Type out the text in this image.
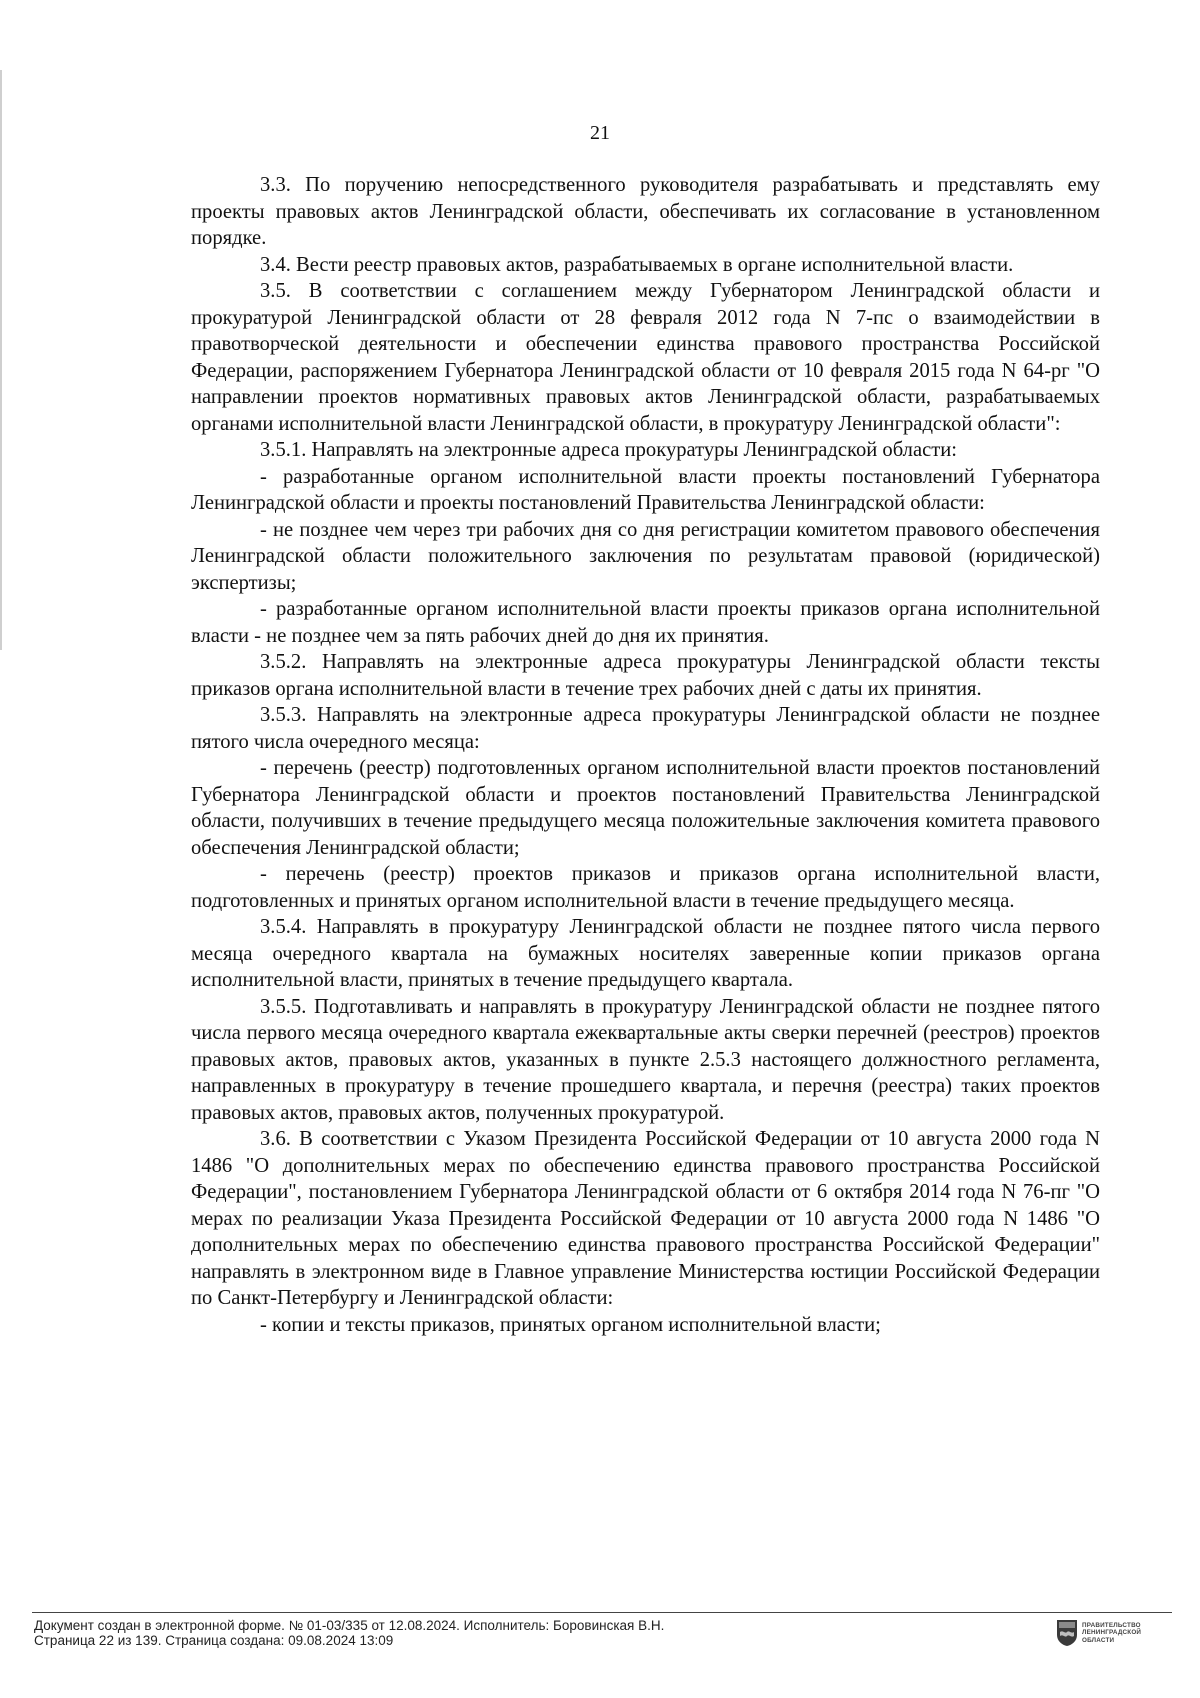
21

3.3. По поручению непосредственного руководителя разрабатывать и представлять ему проекты правовых актов Ленинградской области, обеспечивать их согласование в установленном порядке.

3.4. Вести реестр правовых актов, разрабатываемых в органе исполнительной власти.

3.5. В соответствии с соглашением между Губернатором Ленинградской области и прокуратурой Ленинградской области от 28 февраля 2012 года N 7-пс о взаимодействии в правотворческой деятельности и обеспечении единства правового пространства Российской Федерации, распоряжением Губернатора Ленинградской области от 10 февраля 2015 года N 64-рг "О направлении проектов нормативных правовых актов Ленинградской области, разрабатываемых органами исполнительной власти Ленинградской области, в прокуратуру Ленинградской области":

3.5.1. Направлять на электронные адреса прокуратуры Ленинградской области:

- разработанные органом исполнительной власти проекты постановлений Губернатора Ленинградской области и проекты постановлений Правительства Ленинградской области:

- не позднее чем через три рабочих дня со дня регистрации комитетом правового обеспечения Ленинградской области положительного заключения по результатам правовой (юридической) экспертизы;

- разработанные органом исполнительной власти проекты приказов органа исполнительной власти - не позднее чем за пять рабочих дней до дня их принятия.

3.5.2. Направлять на электронные адреса прокуратуры Ленинградской области тексты приказов органа исполнительной власти в течение трех рабочих дней с даты их принятия.

3.5.3. Направлять на электронные адреса прокуратуры Ленинградской области не позднее пятого числа очередного месяца:

- перечень (реестр) подготовленных органом исполнительной власти проектов постановлений Губернатора Ленинградской области и проектов постановлений Правительства Ленинградской области, получивших в течение предыдущего месяца положительные заключения комитета правового обеспечения Ленинградской области;

- перечень (реестр) проектов приказов и приказов органа исполнительной власти, подготовленных и принятых органом исполнительной власти в течение предыдущего месяца.

3.5.4. Направлять в прокуратуру Ленинградской области не позднее пятого числа первого месяца очередного квартала на бумажных носителях заверенные копии приказов органа исполнительной власти, принятых в течение предыдущего квартала.

3.5.5. Подготавливать и направлять в прокуратуру Ленинградской области не позднее пятого числа первого месяца очередного квартала ежеквартальные акты сверки перечней (реестров) проектов правовых актов, правовых актов, указанных в пункте 2.5.3 настоящего должностного регламента, направленных в прокуратуру в течение прошедшего квартала, и перечня (реестра) таких проектов правовых актов, правовых актов, полученных прокуратурой.

3.6. В соответствии с Указом Президента Российской Федерации от 10 августа 2000 года N 1486 "О дополнительных мерах по обеспечению единства правового пространства Российской Федерации", постановлением Губернатора Ленинградской области от 6 октября 2014 года N 76-пг "О мерах по реализации Указа Президента Российской Федерации от 10 августа 2000 года N 1486 "О дополнительных мерах по обеспечению единства правового пространства Российской Федерации" направлять в электронном виде в Главное управление Министерства юстиции Российской Федерации по Санкт-Петербургу и Ленинградской области:

- копии и тексты приказов, принятых органом исполнительной власти;

Документ создан в электронной форме. № 01-03/335 от 12.08.2024. Исполнитель: Боровинская В.Н.
Страница 22 из 139. Страница создана: 09.08.2024 13:09
ПРАВИТЕЛЬСТВО
ЛЕНИНГРАДСКОЙ
ОБЛАСТИ
